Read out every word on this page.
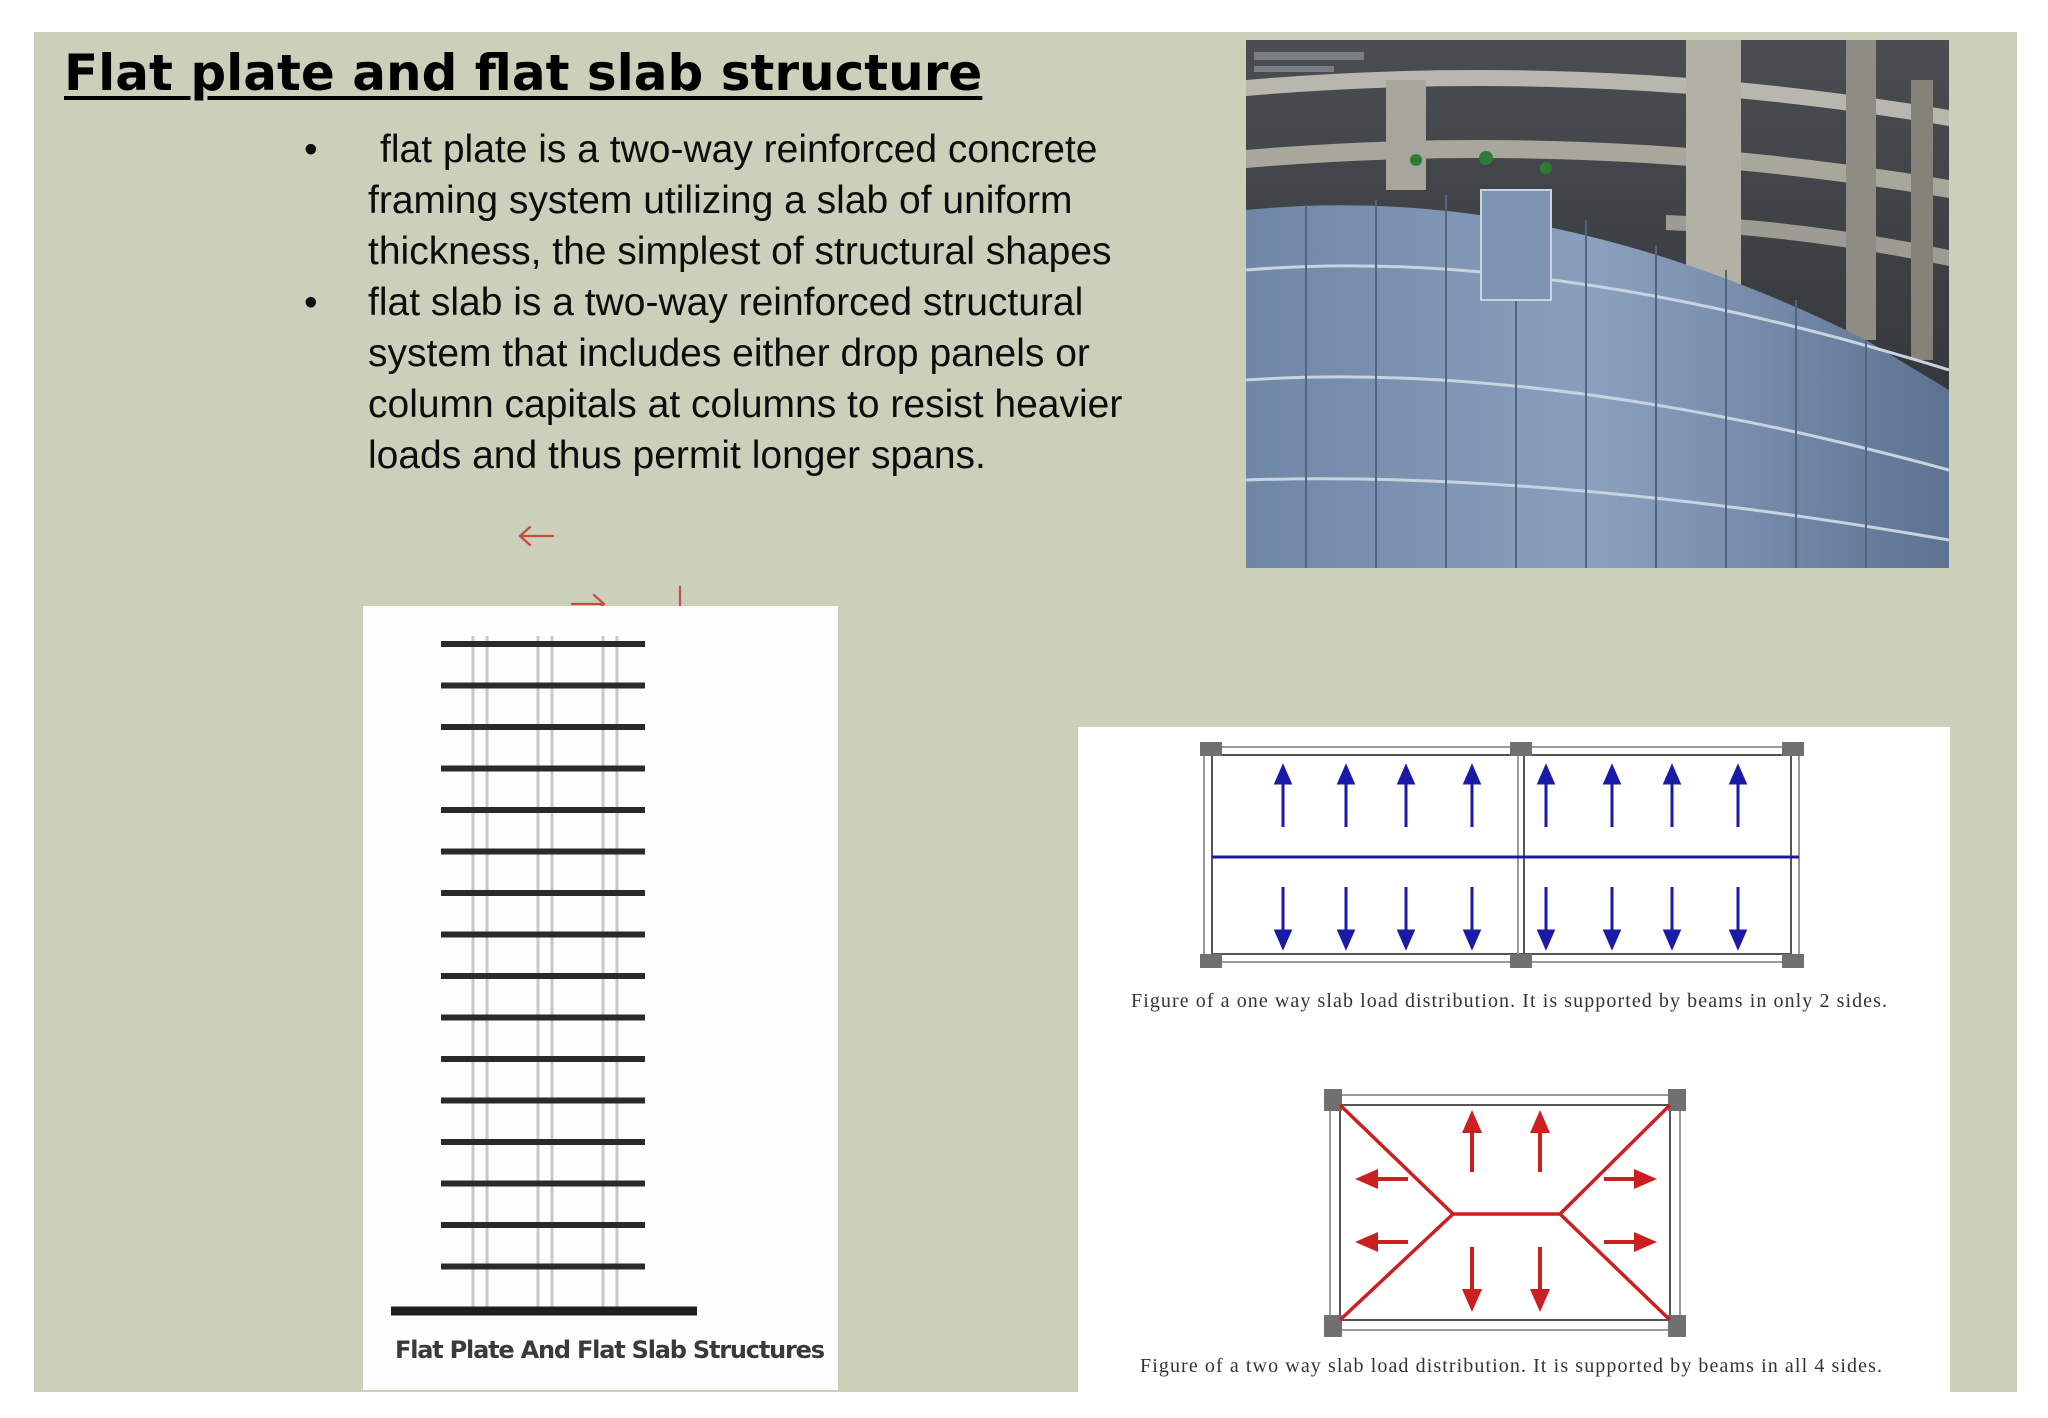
Flat plate and flat slab structure
• flat plate is a two-way reinforced concrete
framing system utilizing a slab of uniform
thickness, the simplest of structural shapes
• flat slab is a two-way reinforced structural
system that includes either drop panels or
column capitals at columns to resist heavier
loads and thus permit longer spans.
Flat Plate And Flat Slab Structures
Figure of a one way slab load distribution. It is supported by beams in only 2 sides.
Figure of a two way slab load distribution. It is supported by beams in all 4 sides.
